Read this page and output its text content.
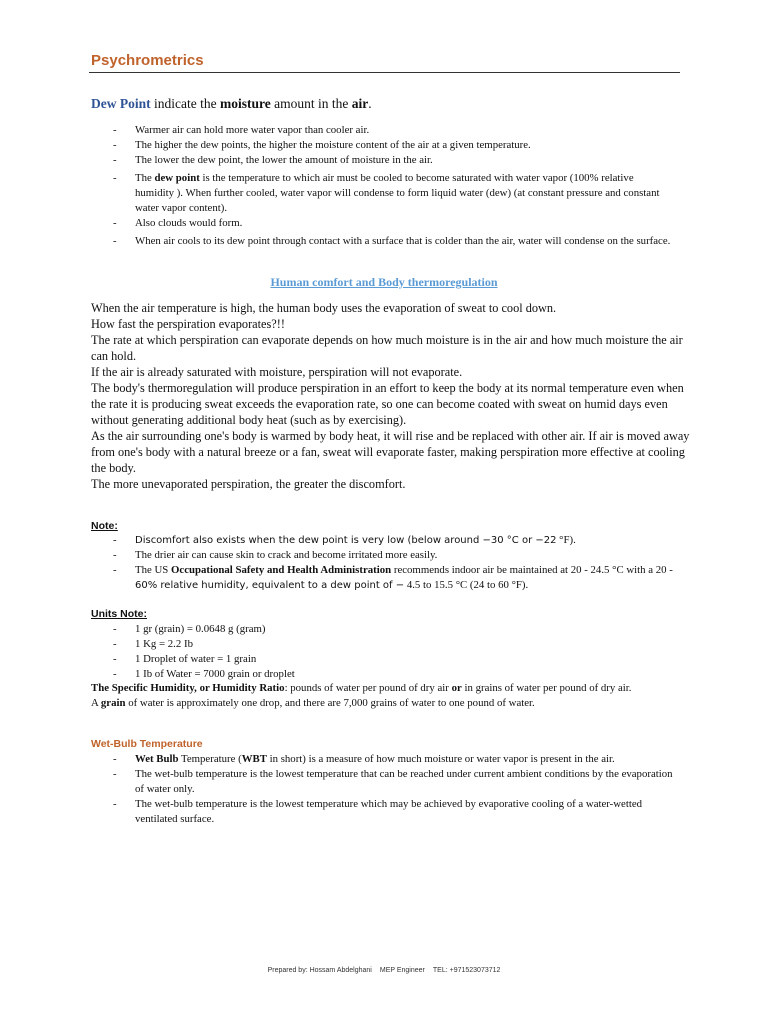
Psychrometrics
Dew Point indicate the moisture amount in the air.
- Warmer air can hold more water vapor than cooler air.
- The higher the dew points, the higher the moisture content of the air at a given temperature.
- The lower the dew point, the lower the amount of moisture in the air.
- The dew point is the temperature to which air must be cooled to become saturated with water vapor (100% relative humidity ). When further cooled, water vapor will condense to form liquid water (dew) (at constant pressure and constant water vapor content).
- Also clouds would form.
- When air cools to its dew point through contact with a surface that is colder than the air, water will condense on the surface.
Human comfort and Body thermoregulation

When the air temperature is high, the human body uses the evaporation of sweat to cool down.

How fast the perspiration evaporates?!!

The rate at which perspiration can evaporate depends on how much moisture is in the air and how much moisture the air can hold.

If the air is already saturated with moisture, perspiration will not evaporate.

The body's thermoregulation will produce perspiration in an effort to keep the body at its normal temperature even when the rate it is producing sweat exceeds the evaporation rate, so one can become coated with sweat on humid days even without generating additional body heat (such as by exercising).

As the air surrounding one's body is warmed by body heat, it will rise and be replaced with other air. If air is moved away from one's body with a natural breeze or a fan, sweat will evaporate faster, making perspiration more effective at cooling the body.

The more unevaporated perspiration, the greater the discomfort.

Note:
- Discomfort also exists when the dew point is very low (below around −30 °C or −22 °F).
- The drier air can cause skin to crack and become irritated more easily.
- The US Occupational Safety and Health Administration recommends indoor air be maintained at 20 - 24.5 °C with a 20 - 60% relative humidity, equivalent to a dew point of − 4.5 to 15.5 °C (24 to 60 °F).
Units Note:
- 1 gr (grain) = 0.0648 g (gram)
- 1 Kg = 2.2 Ib
- 1 Droplet of water = 1 grain
- 1 Ib of Water = 7000 grain or droplet

The Specific Humidity, or Humidity Ratio: pounds of water per pound of dry air or in grains of water per pound of dry air.

A grain of water is approximately one drop, and there are 7,000 grains of water to one pound of water.

Wet-Bulb Temperature
- Wet Bulb Temperature (WBT in short) is a measure of how much moisture or water vapor is present in the air.
- The wet-bulb temperature is the lowest temperature that can be reached under current ambient conditions by the evaporation of water only.
- The wet-bulb temperature is the lowest temperature which may be achieved by evaporative cooling of a water-wetted ventilated surface.
Prepared by: Hossam Abdelghani MEP Engineer TEL: +971523073712
